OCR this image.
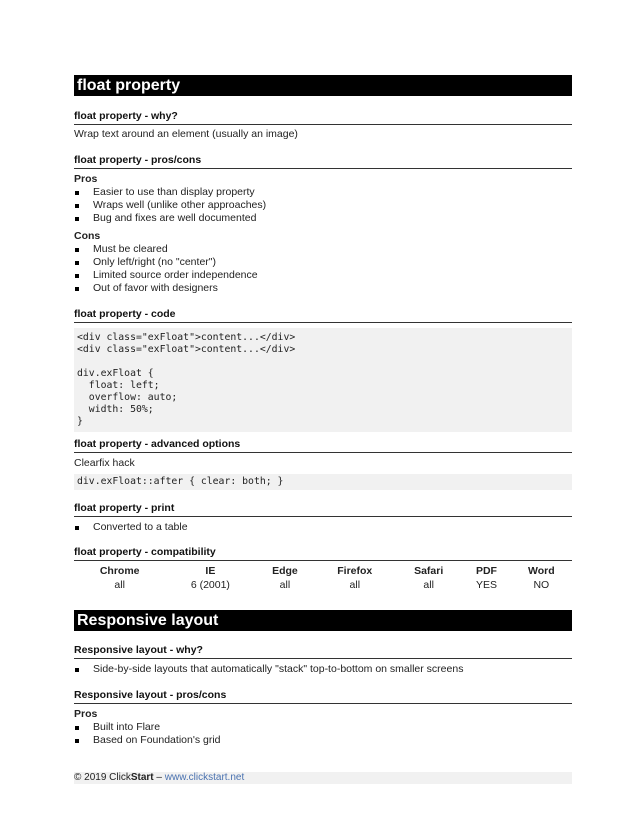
float property
float property - why?
Wrap text around an element (usually an image)
float property - pros/cons
Pros
Easier to use than display property
Wraps well (unlike other approaches)
Bug and fixes are well documented
Cons
Must be cleared
Only left/right (no "center")
Limited source order independence
Out of favor with designers
float property - code
<div class="exFloat">content...</div>
<div class="exFloat">content...</div>
div.exFloat {
float: left;
overflow: auto;
width: 50%;
}
float property - advanced options
Clearfix hack
div.exFloat::after { clear: both; }
float property - print
Converted to a table
float property - compatibility
Chrome	IE	Edge	Firefox	Safari	PDF	Word
all	6 (2001)	all	all	all	YES	NO
Responsive layout
Responsive layout - why?
Side-by-side layouts that automatically "stack" top-to-bottom on smaller screens
Responsive layout - pros/cons
Pros
Built into Flare
Based on Foundation's grid
© 2019 ClickStart – www.clickstart.net
